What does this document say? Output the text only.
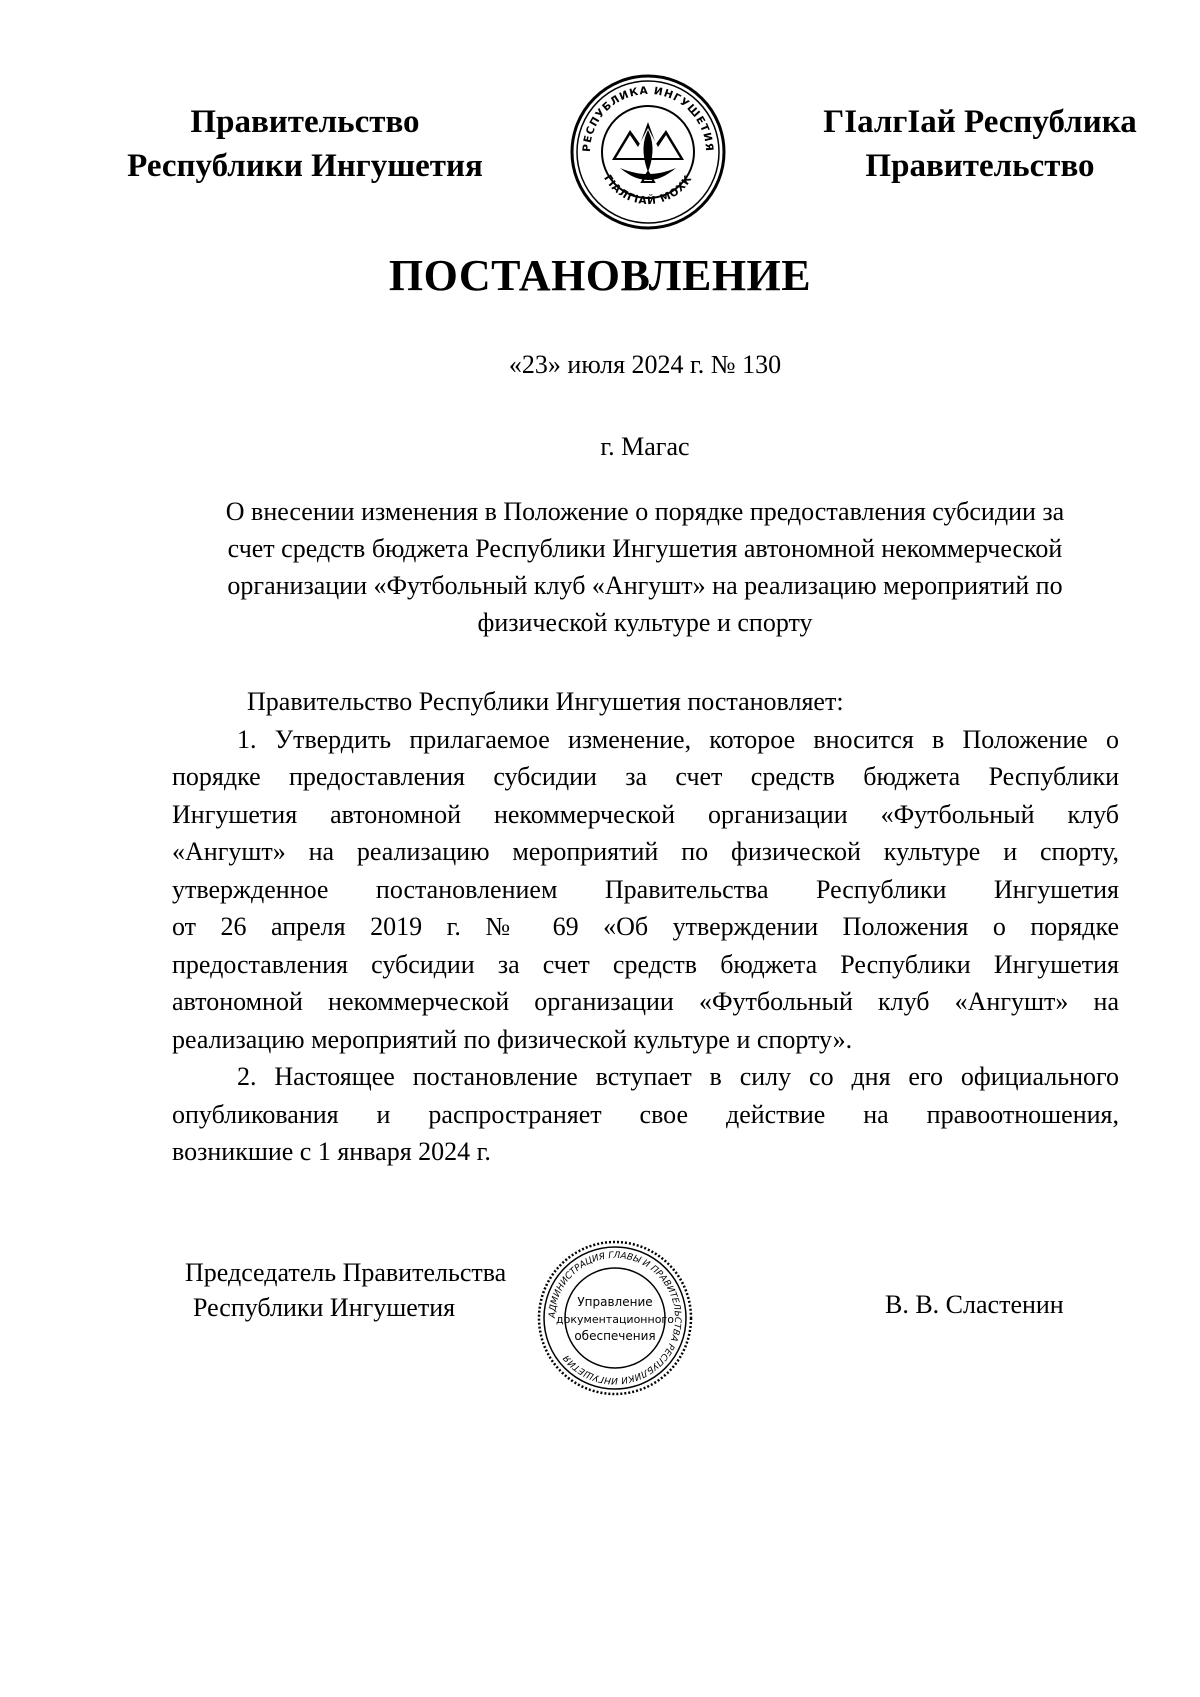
Правительство
Республики Ингушетия
РЕСПУБЛИКА ИНГУШЕТИЯ
ГIАЛГIАЙ МОХК
ГIалгIай Республика
Правительство
ПОСТАНОВЛЕНИЕ
«23» июля 2024 г. № 130
г. Магас
О внесении изменения в Положение о порядке предоставления субсидии за
счет средств бюджета Республики Ингушетия автономной некоммерческой
организации «Футбольный клуб «Ангушт» на реализацию мероприятий по
физической культуре и спорту
Правительство Республики Ингушетия постановляет:
1. Утвердить прилагаемое изменение, которое вносится в Положение о
порядке предоставления субсидии за счет средств бюджета Республики
Ингушетия автономной некоммерческой организации «Футбольный клуб
«Ангушт» на реализацию мероприятий по физической культуре и спорту,
утвержденное постановлением Правительства Республики Ингушетия
от 26 апреля 2019 г. № 69 «Об утверждении Положения о порядке
предоставления субсидии за счет средств бюджета Республики Ингушетия
автономной некоммерческой организации «Футбольный клуб «Ангушт» на
реализацию мероприятий по физической культуре и спорту».
2. Настоящее постановление вступает в силу со дня его официального
опубликования и распространяет свое действие на правоотношения,
возникшие с 1 января 2024 г.
Председатель Правительства
Республики Ингушетия	АДМИНИСТРАЦИЯ ГЛАВЫ И ПРАВИТЕЛЬСТВА РЕСПУБЛИКИ ИНГУШЕТИЯ
Управление
документационного
обеспечения
В. В. Сластенин
